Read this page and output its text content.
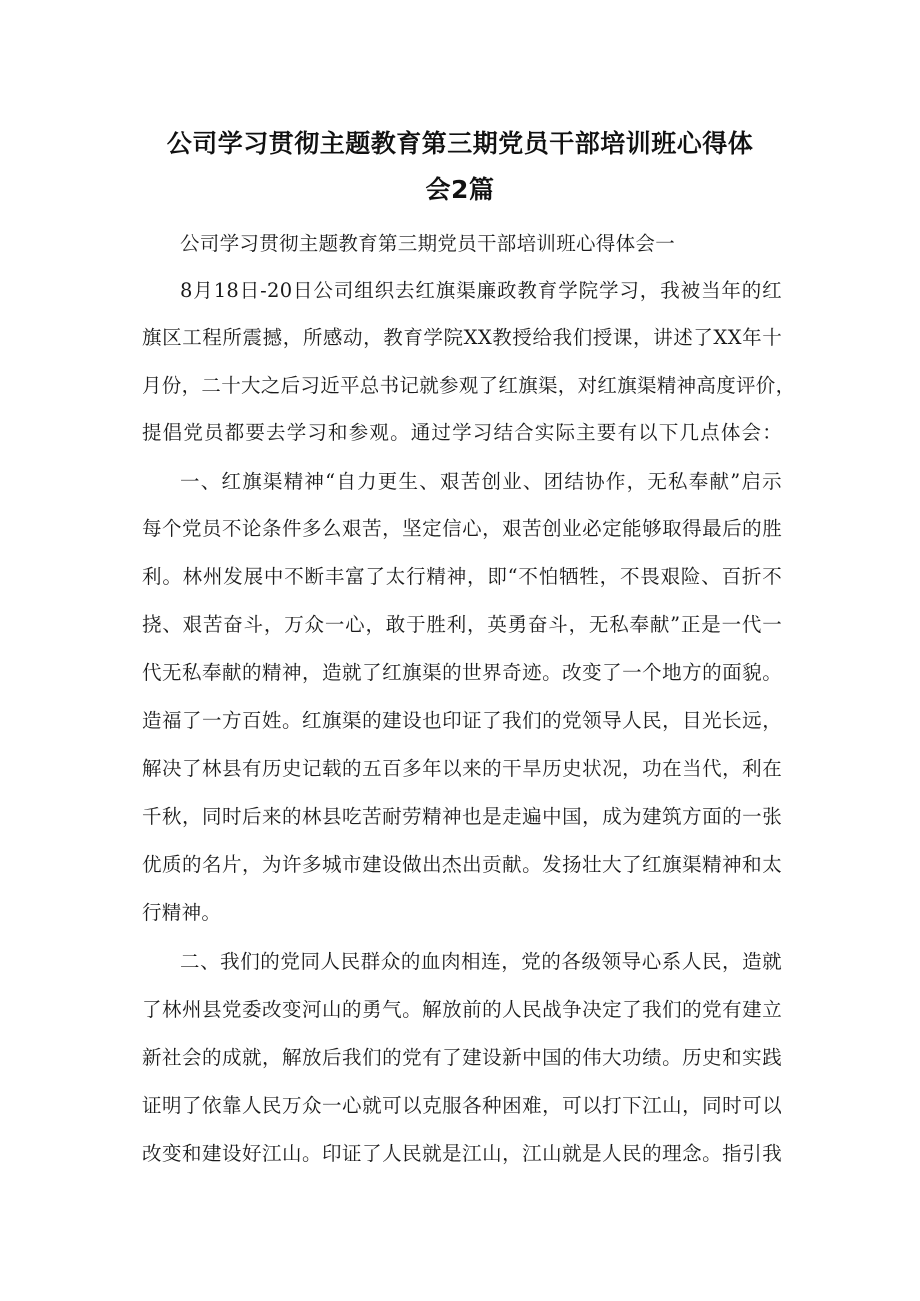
公司学习贯彻主题教育第三期党员干部培训班心得体
会2篇
公司学习贯彻主题教育第三期党员干部培训班心得体会一
8月18日-20日公司组织去红旗渠廉政教育学院学习，我被当年的红
旗区工程所震撼，所感动，教育学院XX教授给我们授课，讲述了XX年十
月份，二十大之后习近平总书记就参观了红旗渠，对红旗渠精神高度评价，
提倡党员都要去学习和参观。通过学习结合实际主要有以下几点体会：
一、红旗渠精神“自力更生、艰苦创业、团结协作，无私奉献”启示
每个党员不论条件多么艰苦，坚定信心，艰苦创业必定能够取得最后的胜
利。林州发展中不断丰富了太行精神，即“不怕牺牲，不畏艰险、百折不
挠、艰苦奋斗，万众一心，敢于胜利，英勇奋斗，无私奉献”正是一代一
代无私奉献的精神，造就了红旗渠的世界奇迹。改变了一个地方的面貌。
造福了一方百姓。红旗渠的建设也印证了我们的党领导人民，目光长远，
解决了林县有历史记载的五百多年以来的干旱历史状况，功在当代，利在
千秋，同时后来的林县吃苦耐劳精神也是走遍中国，成为建筑方面的一张
优质的名片，为许多城市建设做出杰出贡献。发扬壮大了红旗渠精神和太
行精神。
二、我们的党同人民群众的血肉相连，党的各级领导心系人民，造就
了林州县党委改变河山的勇气。解放前的人民战争决定了我们的党有建立
新社会的成就，解放后我们的党有了建设新中国的伟大功绩。历史和实践
证明了依靠人民万众一心就可以克服各种困难，可以打下江山，同时可以
改变和建设好江山。印证了人民就是江山，江山就是人民的理念。指引我
